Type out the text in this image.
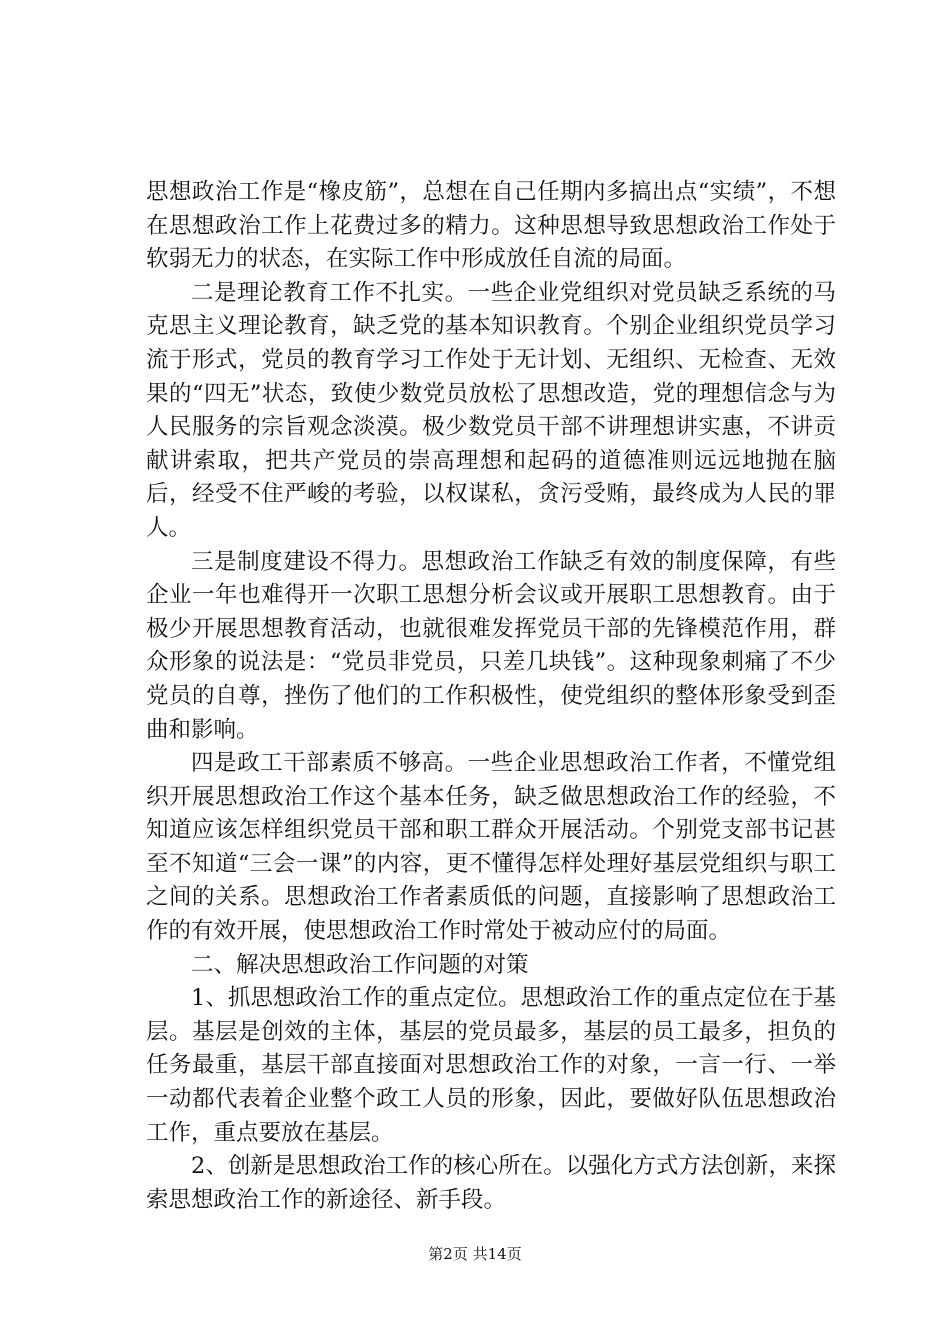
思想政治工作是“橡皮筋”，总想在自己任期内多搞出点“实绩”，不想在思想政治工作上花费过多的精力。这种思想导致思想政治工作处于软弱无力的状态，在实际工作中形成放任自流的局面。

二是理论教育工作不扎实。一些企业党组织对党员缺乏系统的马克思主义理论教育，缺乏党的基本知识教育。个别企业组织党员学习流于形式，党员的教育学习工作处于无计划、无组织、无检查、无效果的“四无”状态，致使少数党员放松了思想改造，党的理想信念与为人民服务的宗旨观念淡漠。极少数党员干部不讲理想讲实惠，不讲贡献讲索取，把共产党员的崇高理想和起码的道德准则远远地抛在脑后，经受不住严峻的考验，以权谋私，贪污受贿，最终成为人民的罪人。

三是制度建设不得力。思想政治工作缺乏有效的制度保障，有些企业一年也难得开一次职工思想分析会议或开展职工思想教育。由于极少开展思想教育活动，也就很难发挥党员干部的先锋模范作用，群众形象的说法是：“党员非党员，只差几块钱”。这种现象刺痛了不少党员的自尊，挫伤了他们的工作积极性，使党组织的整体形象受到歪曲和影响。

四是政工干部素质不够高。一些企业思想政治工作者，不懂党组织开展思想政治工作这个基本任务，缺乏做思想政治工作的经验，不知道应该怎样组织党员干部和职工群众开展活动。个别党支部书记甚至不知道“三会一课”的内容，更不懂得怎样处理好基层党组织与职工之间的关系。思想政治工作者素质低的问题，直接影响了思想政治工作的有效开展，使思想政治工作时常处于被动应付的局面。

二、解决思想政治工作问题的对策

1、抓思想政治工作的重点定位。思想政治工作的重点定位在于基层。基层是创效的主体，基层的党员最多，基层的员工最多，担负的任务最重，基层干部直接面对思想政治工作的对象，一言一行、一举一动都代表着企业整个政工人员的形象，因此，要做好队伍思想政治工作，重点要放在基层。

2、创新是思想政治工作的核心所在。以强化方式方法创新，来探索思想政治工作的新途径、新手段。

第2页 共14页
